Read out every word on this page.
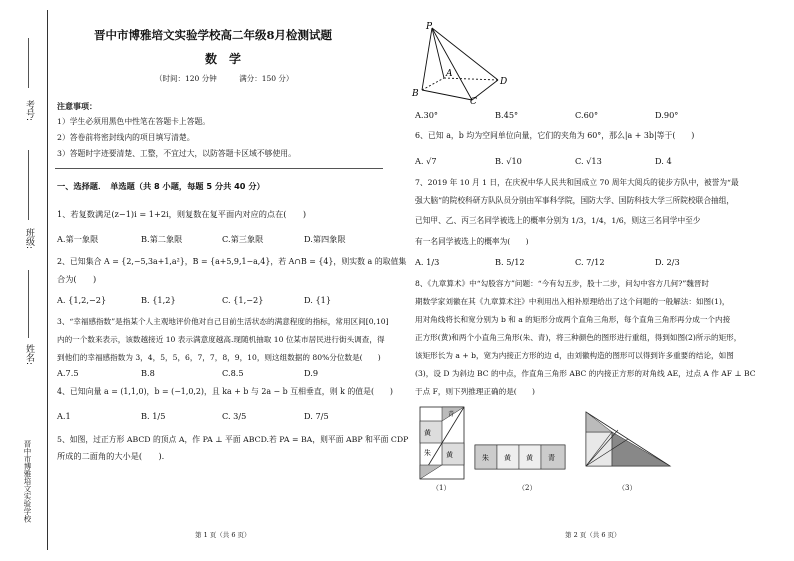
考号:
班级:
姓名:
晋中市博雅培文实验学校
晋中市博雅培文实验学校高二年级8月检测试题
数　学
（时间：120 分钟　　　满分：150 分）
注意事项：
1）学生必须用黑色中性笔在答题卡上答题。
2）答卷前将密封线内的项目填写清楚。
3）答题时字迹要清楚、工整，不宜过大，以防答题卡区域不够使用。
一、选择题．　单选题（共 8 小题，每题 5 分共 40 分）
1、若复数满足(z−1)i = 1+2i，则复数在复平面内对应的点在(　　)
A.第一象限	B.第二象限	C.第三象限	D.第四象限
2、已知集合 A = {2,−5,3a+1,a²}，B = {a+5,9,1−a,4}，若 A∩B = {4}，则实数 a 的取值集
合为(　　)
A. {1,2,−2}	B. {1,2}	C. {1,−2}	D. {1}
3、“幸福感指数”是指某个人主观地评价他对自己目前生活状态的满意程度的指标，常用区间[0,10]
内的一个数来表示，该数越接近 10 表示满意度越高.现随机抽取 10 位某市居民进行街头调查，得
到他们的幸福感指数为 3，4，5，5，6，7，7，8，9，10，则这组数据的 80%分位数是(　　)
A.7.5	B.8	C.8.5	D.9
4、已知向量 a = (1,1,0)，b = (−1,0,2)，且 ka + b 与 2a − b 互相垂直，则 k 的值是(　　)
A.1	B. 1/5	C. 3/5	D. 7/5
5、如图，过正方形 ABCD 的顶点 A，作 PA ⊥ 平面 ABCD.若 PA = BA，则平面 ABP 和平面 CDP
所成的二面角的大小是(　　).
第 1 页（共 6 页）
P
A
B
C
D
A.30°	B.45°	C.60°	D.90°
6、已知 a，b 均为空间单位向量，它们的夹角为 60°，那么|a + 3b|等于(　　)
A. √7	B. √10	C. √13	D. 4
7、2019 年 10 月 1 日，在庆祝中华人民共和国成立 70 周年大阅兵的徒步方队中，被誉为“最
强大脑”的院校科研方队队员分别由军事科学院，国防大学、国防科技大学三所院校联合抽组，
已知甲、乙、丙三名同学被选上的概率分别为 1/3，1/4，1/6，则这三名同学中至少
有一名同学被选上的概率为(　　)
A. 1/3	B. 5/12	C. 7/12	D. 2/3
8、《九章算术》中“勾股容方”问题：“今有勾五步，股十二步，问勾中容方几何?”魏晋时
期数学家刘徽在其《九章算术注》中利用出入相补原理给出了这个问题的一般解法：如图(1)，
用对角线将长和宽分别为 b 和 a 的矩形分成两个直角三角形，每个直角三角形再分成一个内接
正方形(黄)和两个小直角三角形(朱、青)，将三种颜色的图形进行重组，得到如图(2)所示的矩形，
该矩形长为 a + b，宽为内接正方形的边 d，由刘徽构造的图形可以得到许多重要的结论，如图
(3)，设 D 为斜边 BC 的中点，作直角三角形 ABC 的内接正方形的对角线 AE，过点 A 作 AF ⊥ BC
于点 F，则下列推理正确的是(　　)
黄
青
朱 黄
（1）
朱 黄 黄 青
（2）	（3）
第 2 页（共 6 页）
